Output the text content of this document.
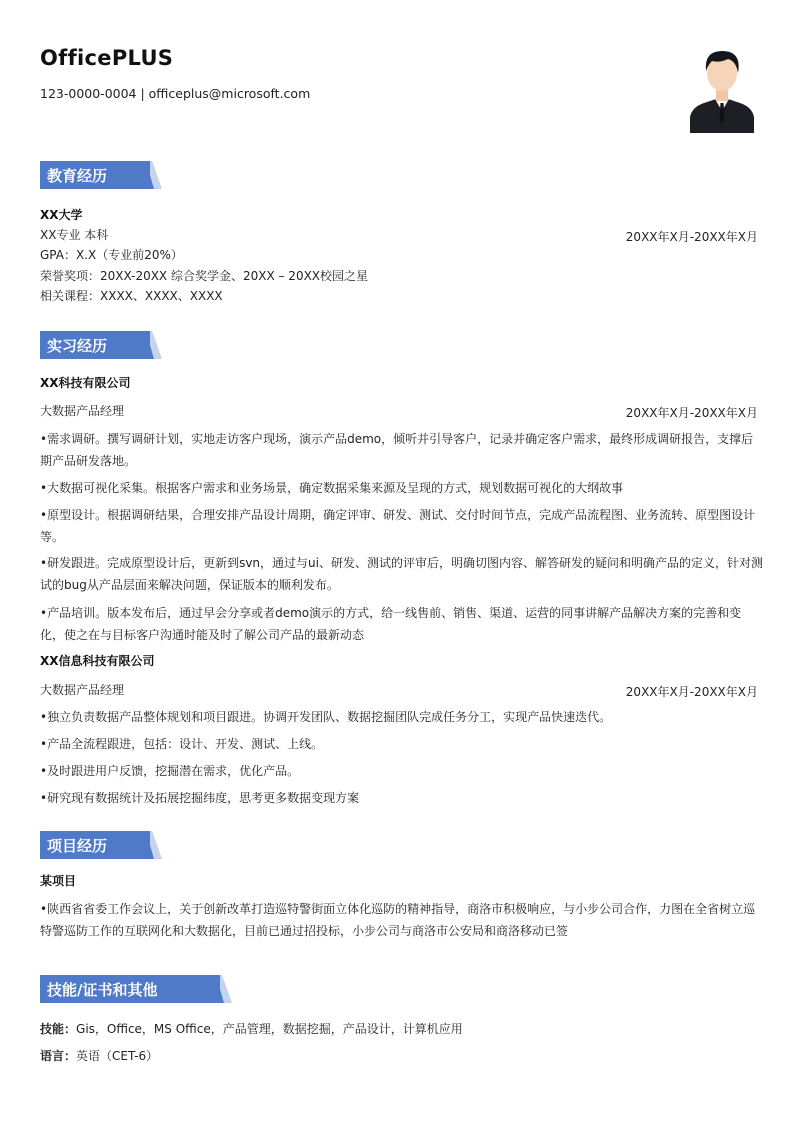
OfficePLUS
123-0000-0004 | officeplus@microsoft.com
教育经历
XX大学
XX专业 本科	20XX年X月-20XX年X月
GPA：X.X（专业前20%）
荣誉奖项：20XX-20XX 综合奖学金、20XX – 20XX校园之星
相关课程：XXXX、XXXX、XXXX
实习经历
XX科技有限公司
大数据产品经理	20XX年X月-20XX年X月
•需求调研。撰写调研计划，实地走访客户现场，演示产品demo，倾听并引导客户，记录并确定客户需求，最终形成调研报告，支撑后期产品研发落地。
•大数据可视化采集。根据客户需求和业务场景，确定数据采集来源及呈现的方式，规划数据可视化的大纲故事
•原型设计。根据调研结果，合理安排产品设计周期，确定评审、研发、测试、交付时间节点，完成产品流程图、业务流转、原型图设计等。
•研发跟进。完成原型设计后，更新到svn，通过与ui、研发、测试的评审后，明确切图内容、解答研发的疑问和明确产品的定义，针对测试的bug从产品层面来解决问题，保证版本的顺利发布。
•产品培训。版本发布后，通过早会分享或者demo演示的方式，给一线售前、销售、渠道、运营的同事讲解产品解决方案的完善和变化，使之在与目标客户沟通时能及时了解公司产品的最新动态
XX信息科技有限公司
大数据产品经理	20XX年X月-20XX年X月
•独立负责数据产品整体规划和项目跟进。协调开发团队、数据挖掘团队完成任务分工，实现产品快速迭代。
•产品全流程跟进，包括：设计、开发、测试、上线。
•及时跟进用户反馈，挖掘潜在需求，优化产品。
•研究现有数据统计及拓展挖掘纬度，思考更多数据变现方案
项目经历
某项目
•陕西省省委工作会议上，关于创新改革打造巡特警街面立体化巡防的精神指导，商洛市积极响应，与小步公司合作，力图在全省树立巡特警巡防工作的互联网化和大数据化，目前已通过招投标，小步公司与商洛市公安局和商洛移动已签
技能/证书和其他
技能：Gis，Office，MS Office，产品管理，数据挖掘，产品设计，计算机应用
语言：英语（CET-6）
